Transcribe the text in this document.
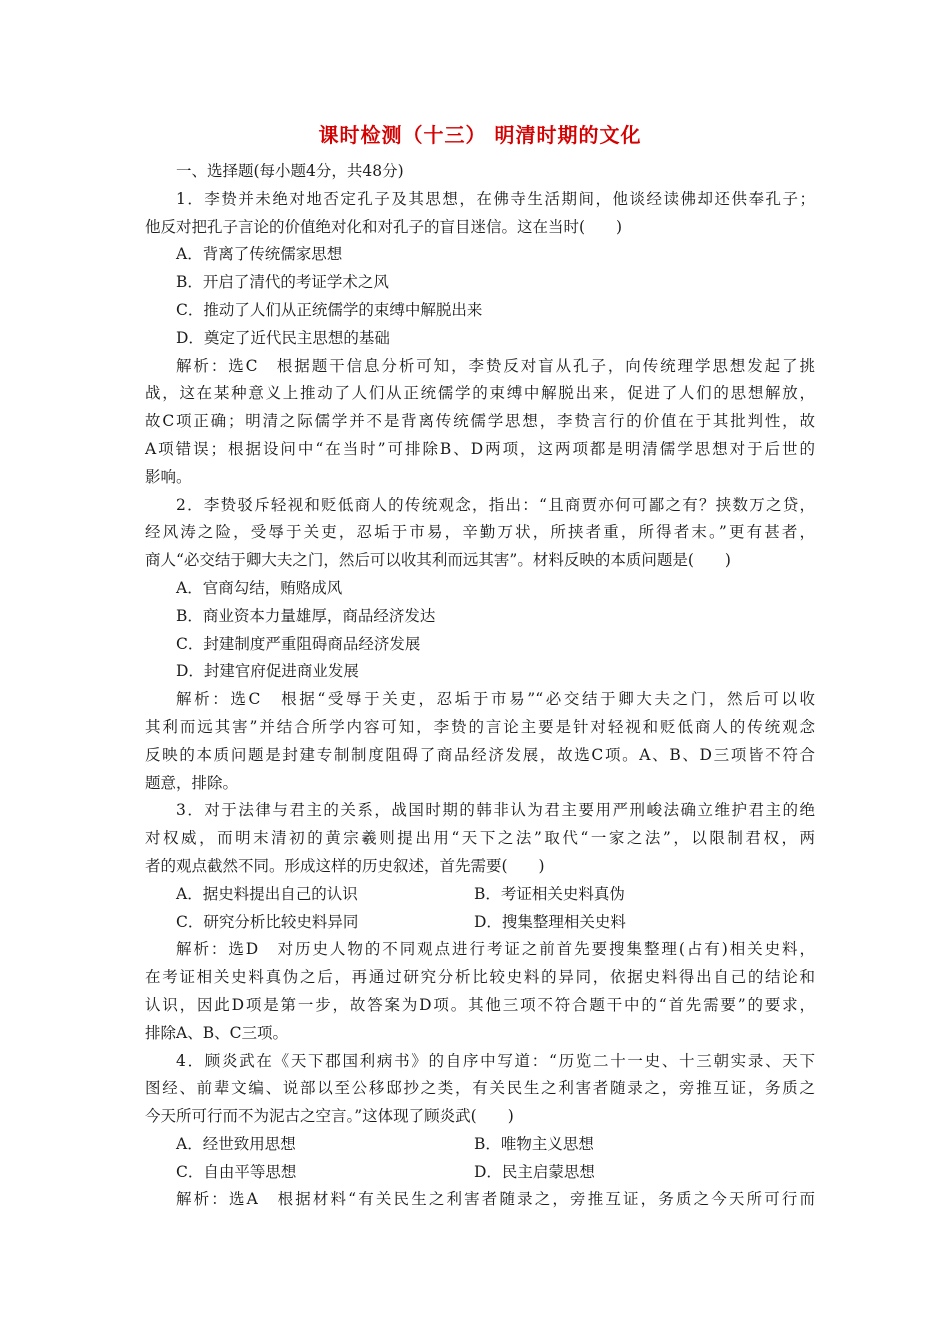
课时检测（十三） 明清时期的文化
一、选择题(每小题4分，共48分)
1．李贽并未绝对地否定孔子及其思想，在佛寺生活期间，他谈经读佛却还供奉孔子；
他反对把孔子言论的价值绝对化和对孔子的盲目迷信。这在当时(　　)
A．背离了传统儒家思想
B．开启了清代的考证学术之风
C．推动了人们从正统儒学的束缚中解脱出来
D．奠定了近代民主思想的基础
解析：选C　根据题干信息分析可知，李贽反对盲从孔子，向传统理学思想发起了挑
战，这在某种意义上推动了人们从正统儒学的束缚中解脱出来，促进了人们的思想解放，
故C项正确；明清之际儒学并不是背离传统儒学思想，李贽言行的价值在于其批判性，故
A项错误；根据设问中“在当时”可排除B、D两项，这两项都是明清儒学思想对于后世的
影响。
2．李贽驳斥轻视和贬低商人的传统观念，指出：“且商贾亦何可鄙之有？挟数万之贷，
经风涛之险，受辱于关吏，忍垢于市易，辛勤万状，所挟者重，所得者末。”更有甚者，
商人“必交结于卿大夫之门，然后可以收其利而远其害”。材料反映的本质问题是(　　)
A．官商勾结，贿赂成风
B．商业资本力量雄厚，商品经济发达
C．封建制度严重阻碍商品经济发展
D．封建官府促进商业发展
解析：选C　根据“受辱于关吏，忍垢于市易”“必交结于卿大夫之门，然后可以收
其利而远其害”并结合所学内容可知，李贽的言论主要是针对轻视和贬低商人的传统观念
反映的本质问题是封建专制制度阻碍了商品经济发展，故选C项。A、B、D三项皆不符合
题意，排除。
3．对于法律与君主的关系，战国时期的韩非认为君主要用严刑峻法确立维护君主的绝
对权威，而明末清初的黄宗羲则提出用“天下之法”取代“一家之法”，以限制君权，两
者的观点截然不同。形成这样的历史叙述，首先需要(　　)
A．据史料提出自己的认识	B．考证相关史料真伪
C．研究分析比较史料异同	D．搜集整理相关史料
解析：选D　对历史人物的不同观点进行考证之前首先要搜集整理(占有)相关史料，
在考证相关史料真伪之后，再通过研究分析比较史料的异同，依据史料得出自己的结论和
认识，因此D项是第一步，故答案为D项。其他三项不符合题干中的“首先需要”的要求，
排除A、B、C三项。
4．顾炎武在《天下郡国利病书》的自序中写道：“历览二十一史、十三朝实录、天下
图经、前辈文编、说部以至公移邸抄之类，有关民生之利害者随录之，旁推互证，务质之
今天所可行而不为泥古之空言。”这体现了顾炎武(　　)
A．经世致用思想	B．唯物主义思想
C．自由平等思想	D．民主启蒙思想
解析：选A　根据材料“有关民生之利害者随录之，旁推互证，务质之今天所可行而
